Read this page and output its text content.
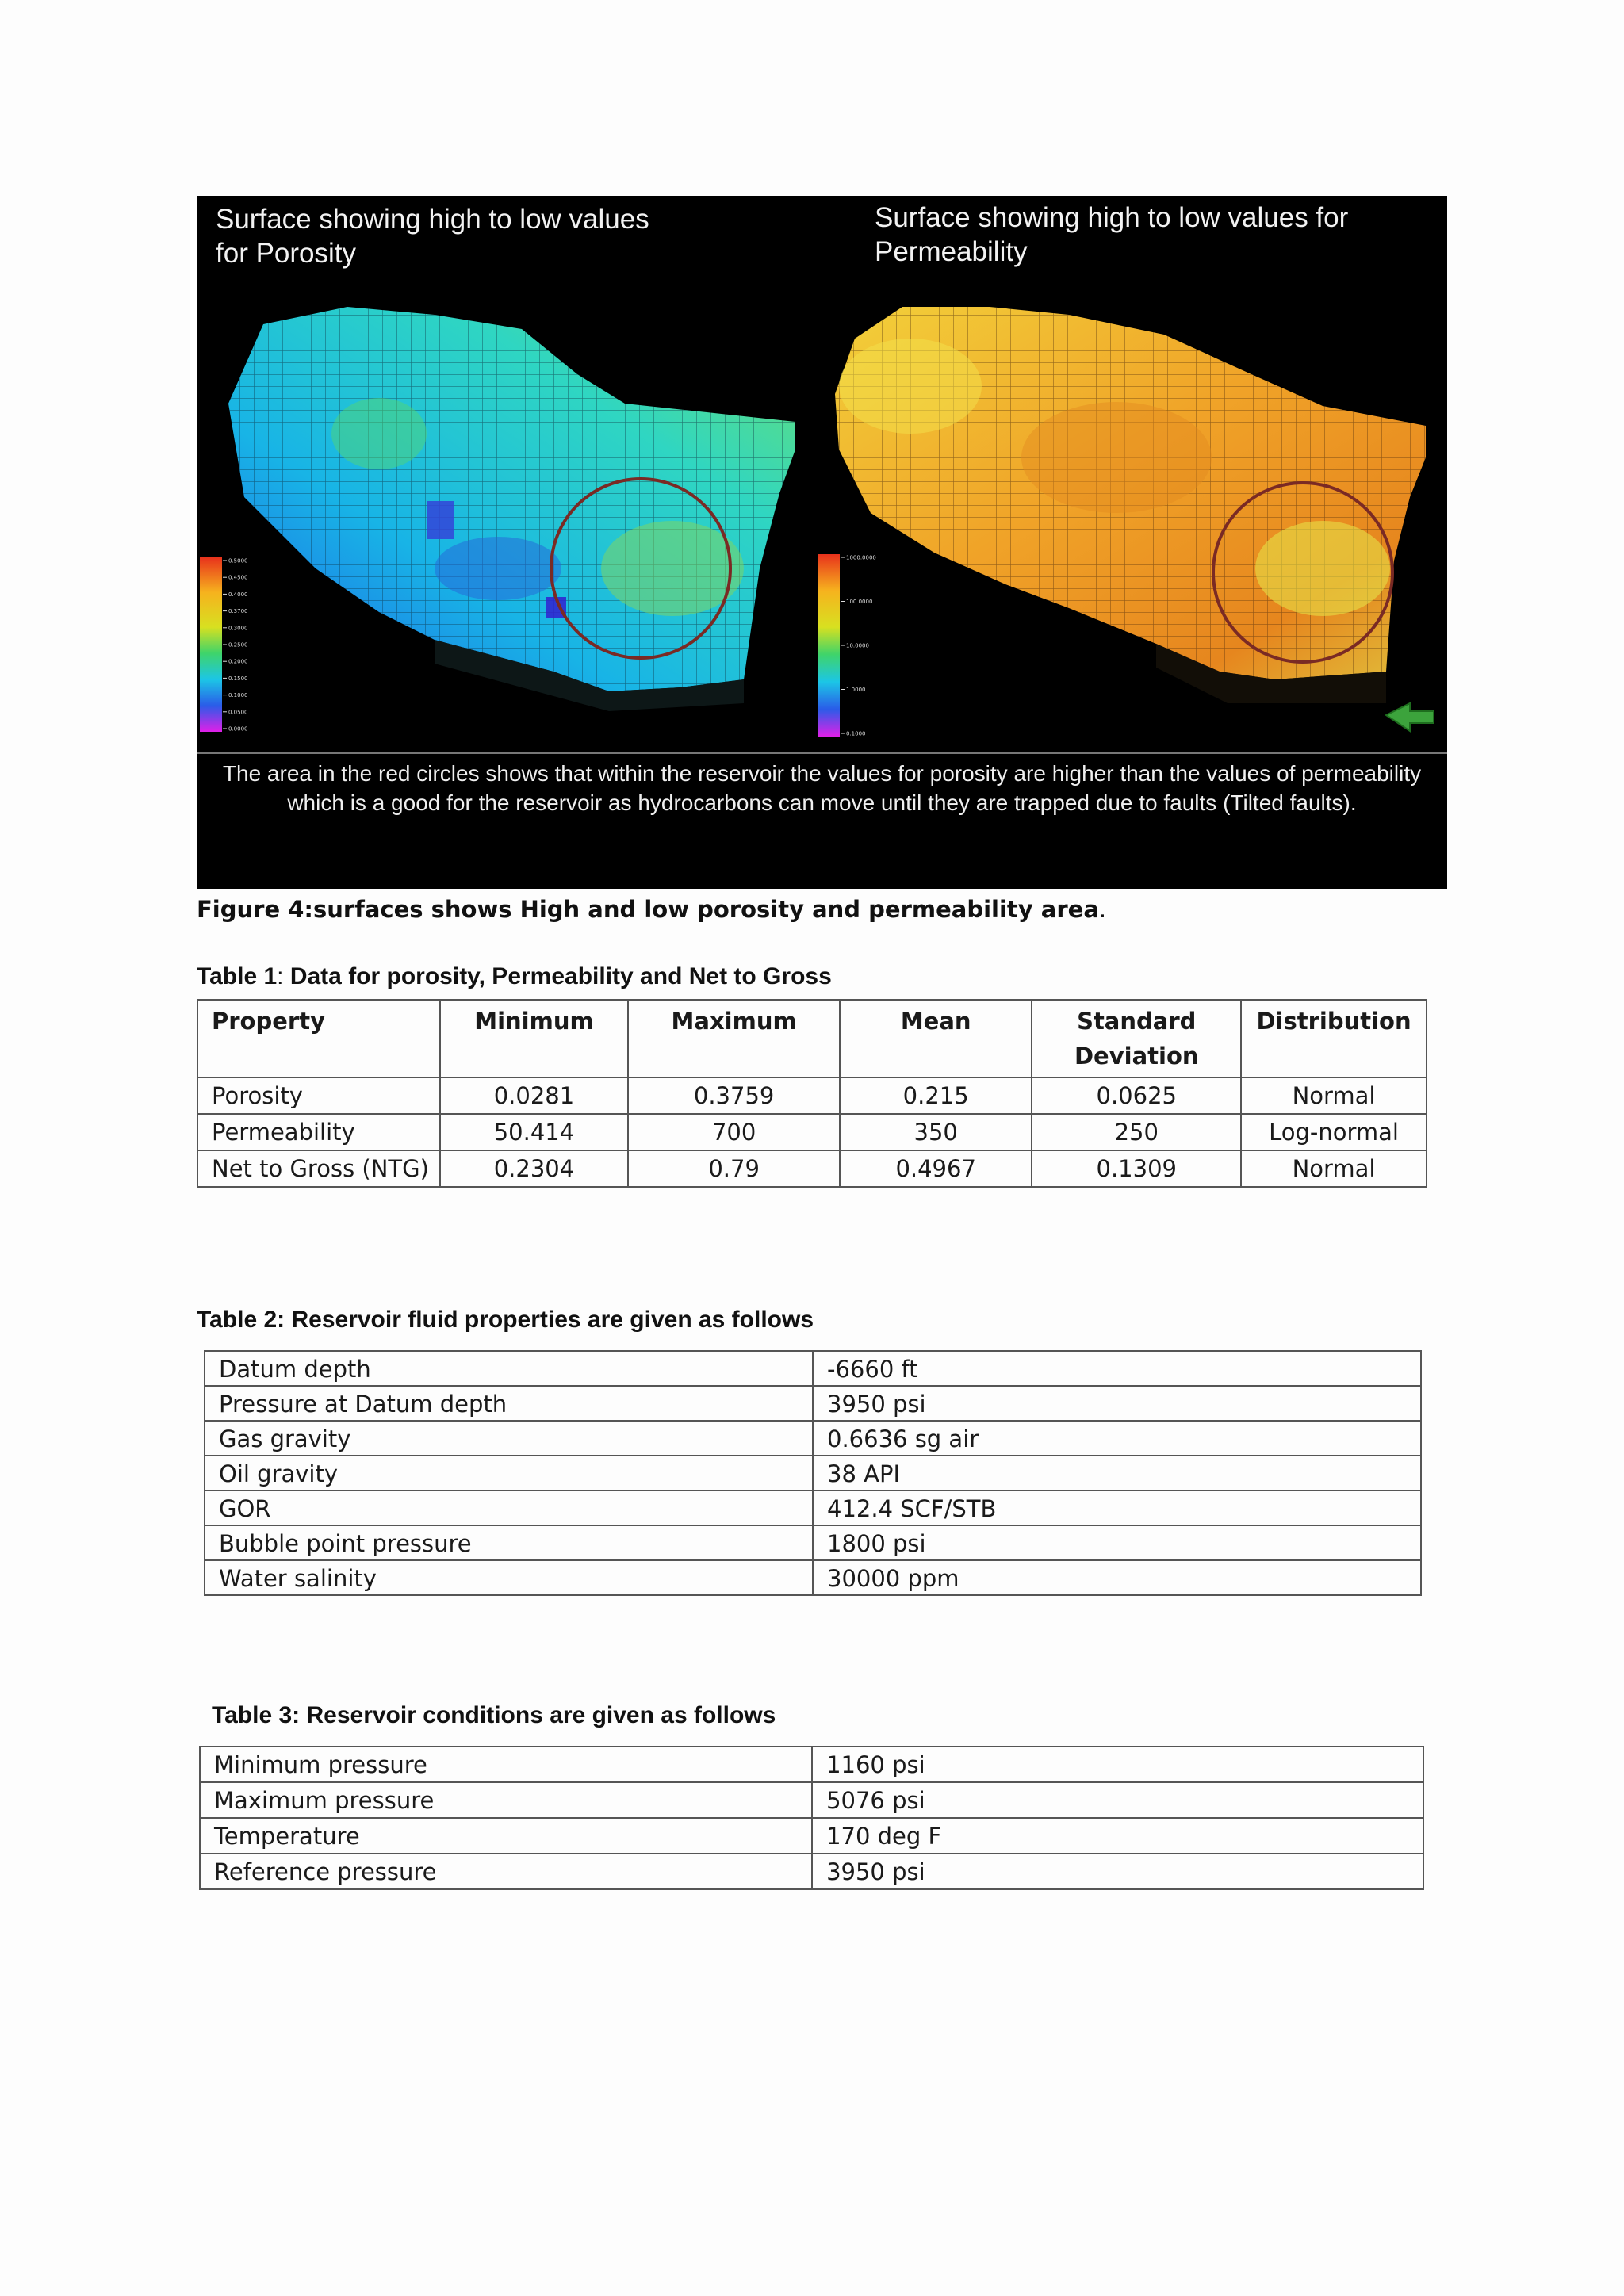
0.5000
0.4500
0.4000
0.3700
0.3000
0.2500
0.2000
0.1500
0.1000
0.0500
0.0000
1000.0000
100.0000
10.0000
1.0000
0.1000
Surface showing high to low values
for Porosity
Surface showing high to low values for
Permeability
The area in the red circles shows that within the reservoir the values for porosity are higher than the values of permeability which is a good for the reservoir as hydrocarbons can move until they are trapped due to faults (Tilted faults).
Figure 4:surfaces shows High and low porosity and permeability area.
Table 1: Data for porosity, Permeability and Net to Gross
Property	Minimum	Maximum	Mean	Standard Deviation	Distribution
Porosity	0.0281	0.3759	0.215	0.0625	Normal
Permeability	50.414	700	350	250	Log-normal
Net to Gross (NTG)	0.2304	0.79	0.4967	0.1309	Normal
Table 2: Reservoir fluid properties are given as follows
Datum depth	-6660 ft
Pressure at Datum depth	3950 psi
Gas gravity	0.6636 sg air
Oil gravity	38 API
GOR	412.4 SCF/STB
Bubble point pressure	1800 psi
Water salinity	30000 ppm
Table 3: Reservoir conditions are given as follows
Minimum pressure	1160 psi
Maximum pressure	5076 psi
Temperature	170 deg F
Reference pressure	3950 psi
